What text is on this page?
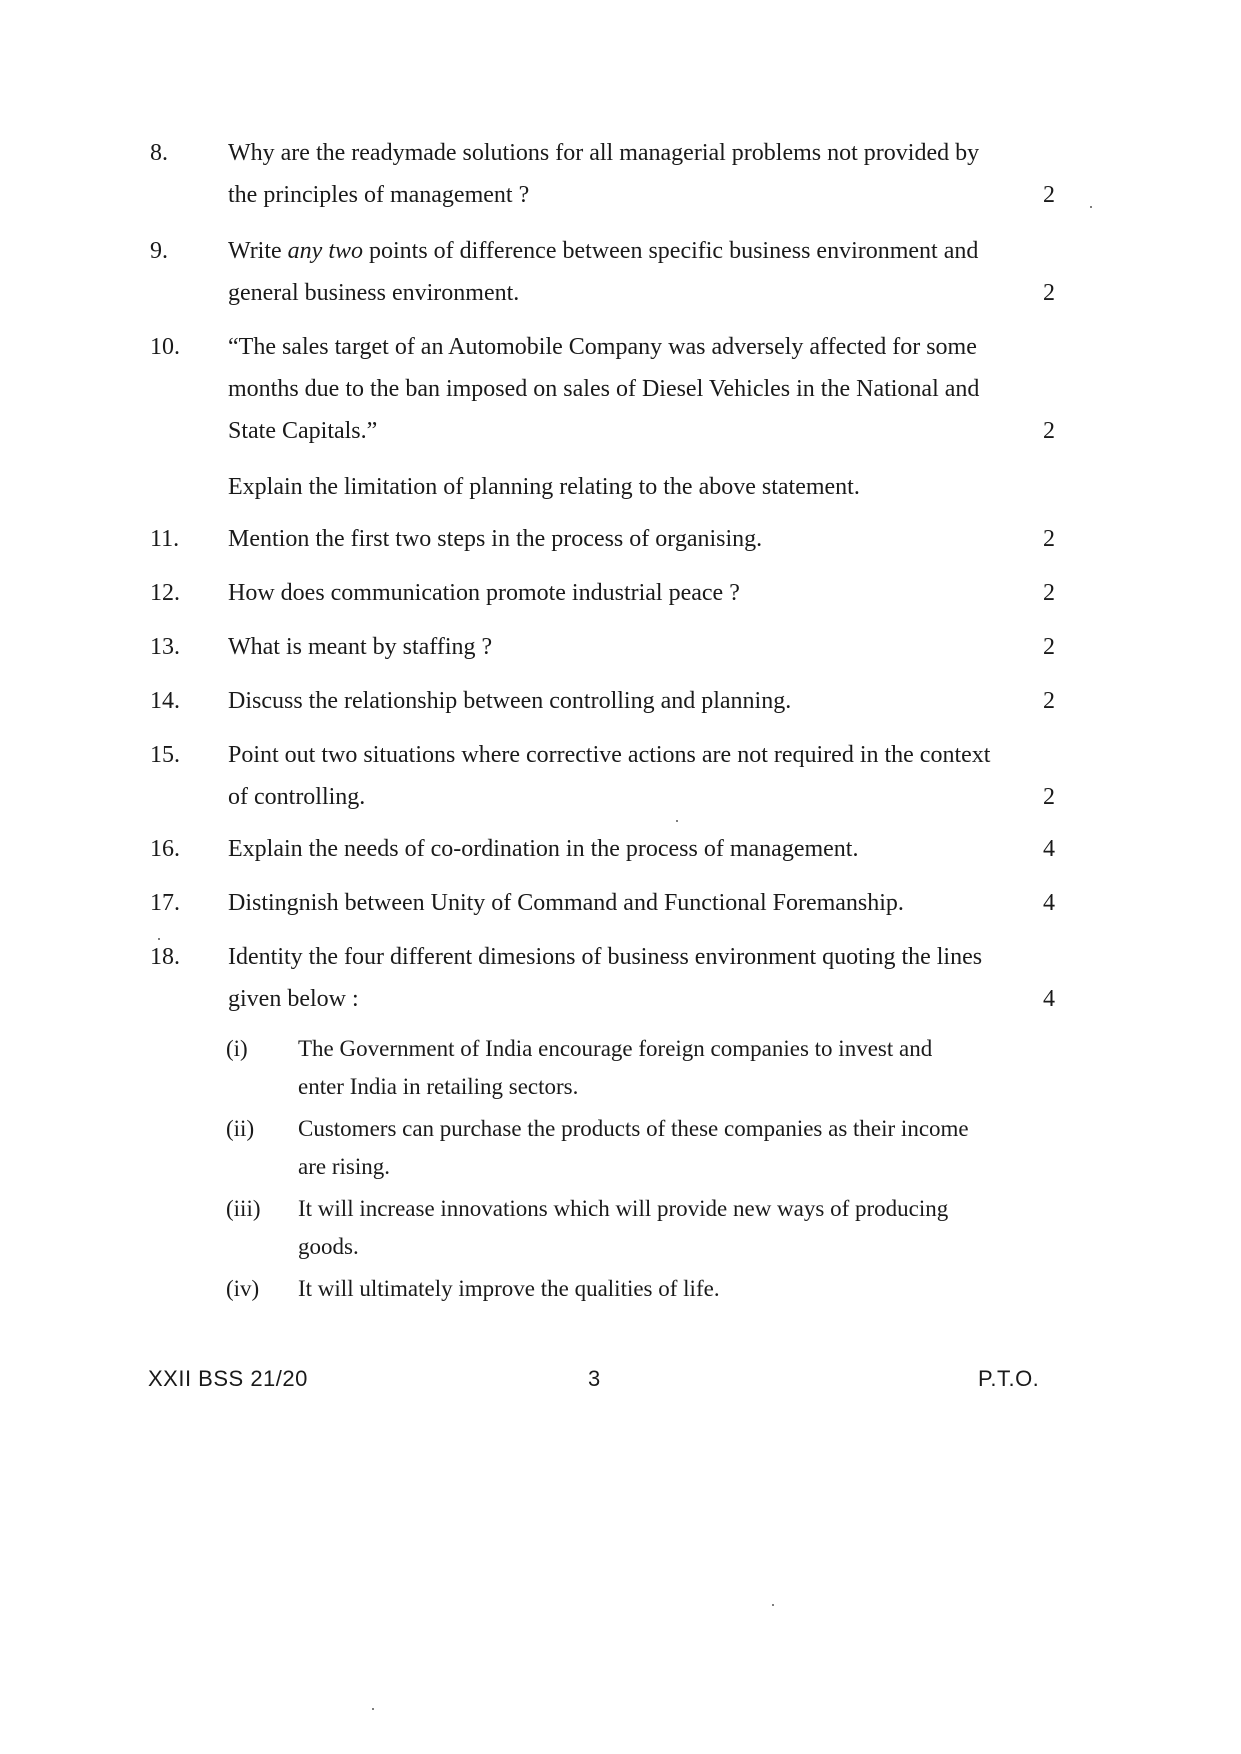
8.	Why are the readymade solutions for all managerial problems not provided by
the principles of management ?	2
9.	Write any two points of difference between specific business environment and
general business environment.	2
10.	“The sales target of an Automobile Company was adversely affected for some
months due to the ban imposed on sales of Diesel Vehicles in the National and
State Capitals.”	2
Explain the limitation of planning relating to the above statement.
11.	Mention the first two steps in the process of organising.	2
12.	How does communication promote industrial peace ?	2
13.	What is meant by staffing ?	2
14.	Discuss the relationship between controlling and planning.	2
15.	Point out two situations where corrective actions are not required in the context
of controlling.	2
16.	Explain the needs of co-ordination in the process of management.	4
17.	Distingnish between Unity of Command and Functional Foremanship.	4
18.	Identity the four different dimesions of business environment quoting the lines
given below :	4
(i)	The Government of India encourage foreign companies to invest and
enter India in retailing sectors.
(ii)	Customers can purchase the products of these companies as their income
are rising.
(iii)	It will increase innovations which will provide new ways of producing
goods.
(iv)	It will ultimately improve the qualities of life.
XXII BSS 21/20	3	P.T.O.
